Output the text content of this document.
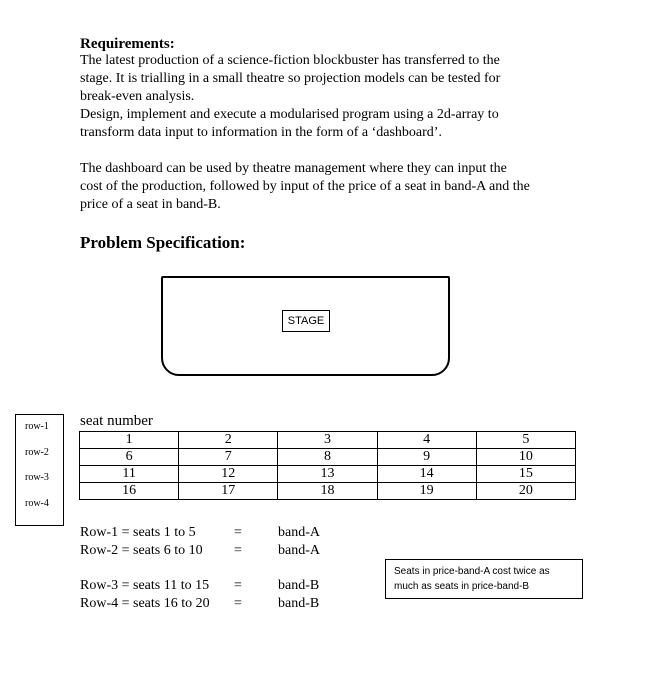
Requirements:

The latest production of a science-fiction blockbuster has transferred to the

stage. It is trialling in a small theatre so projection models can be tested for

break-even analysis.

Design, implement and execute a modularised program using a 2d-array to

transform data input to information in the form of a ‘dashboard’.

The dashboard can be used by theatre management where they can input the

cost of the production, followed by input of the price of a seat in band-A and the

price of a seat in band-B.

Problem Specification:
STAGE
row-1
row-2
row-3
row-4
seat number
1	2	3	4	5
6	7	8	9	10
11	12	13	14	15
16	17	18	19	20
Row-1 = seats 1 to 5	=	band-A
Row-2 = seats 6 to 10 =	band-A
Row-3 = seats 11 to 15 =	band-B
Row-4 = seats 16 to 20 =	band-B
Seats in price-band-A cost twice as
much as seats in price-band-B
